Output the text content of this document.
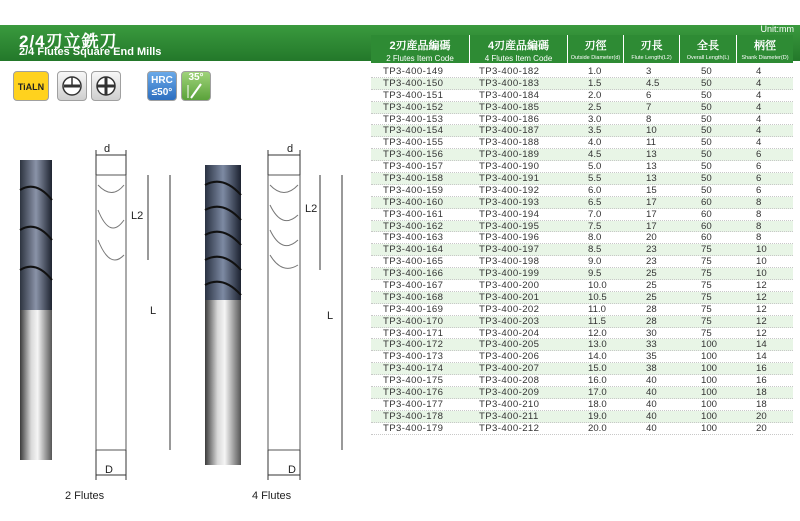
2/4刃立銑刀
2/4 Flutes Square End Mills
Unit:mm
TiALN
HRC
≤50°
35°
2刃産品編碼
2 Flutes Item Code
4刃産品編碼
4 Flutes Item Code
刃徑
Outside Diameter(d)
刃長
Flute Length(L2)
全長
Overall Length(L)
柄徑
Shank Diameter(D)
TP3-400-149	TP3-400-182	1.0	3	50	4
TP3-400-150	TP3-400-183	1.5	4.5	50	4
TP3-400-151	TP3-400-184	2.0	6	50	4
TP3-400-152	TP3-400-185	2.5	7	50	4
TP3-400-153	TP3-400-186	3.0	8	50	4
TP3-400-154	TP3-400-187	3.5	10	50	4
TP3-400-155	TP3-400-188	4.0	11	50	4
TP3-400-156	TP3-400-189	4.5	13	50	6
TP3-400-157	TP3-400-190	5.0	13	50	6
TP3-400-158	TP3-400-191	5.5	13	50	6
TP3-400-159	TP3-400-192	6.0	15	50	6
TP3-400-160	TP3-400-193	6.5	17	60	8
TP3-400-161	TP3-400-194	7.0	17	60	8
TP3-400-162	TP3-400-195	7.5	17	60	8
TP3-400-163	TP3-400-196	8.0	20	60	8
TP3-400-164	TP3-400-197	8.5	23	75	10
TP3-400-165	TP3-400-198	9.0	23	75	10
TP3-400-166	TP3-400-199	9.5	25	75	10
TP3-400-167	TP3-400-200	10.0	25	75	12
TP3-400-168	TP3-400-201	10.5	25	75	12
TP3-400-169	TP3-400-202	11.0	28	75	12
TP3-400-170	TP3-400-203	11.5	28	75	12
TP3-400-171	TP3-400-204	12.0	30	75	12
TP3-400-172	TP3-400-205	13.0	33	100	14
TP3-400-173	TP3-400-206	14.0	35	100	14
TP3-400-174	TP3-400-207	15.0	38	100	16
TP3-400-175	TP3-400-208	16.0	40	100	16
TP3-400-176	TP3-400-209	17.0	40	100	18
TP3-400-177	TP3-400-210	18.0	40	100	18
TP3-400-178	TP3-400-211	19.0	40	100	20
TP3-400-179	TP3-400-212	20.0	40	100	20
d
L2
L
D
2 Flutes
d
L2
L
D
4 Flutes
